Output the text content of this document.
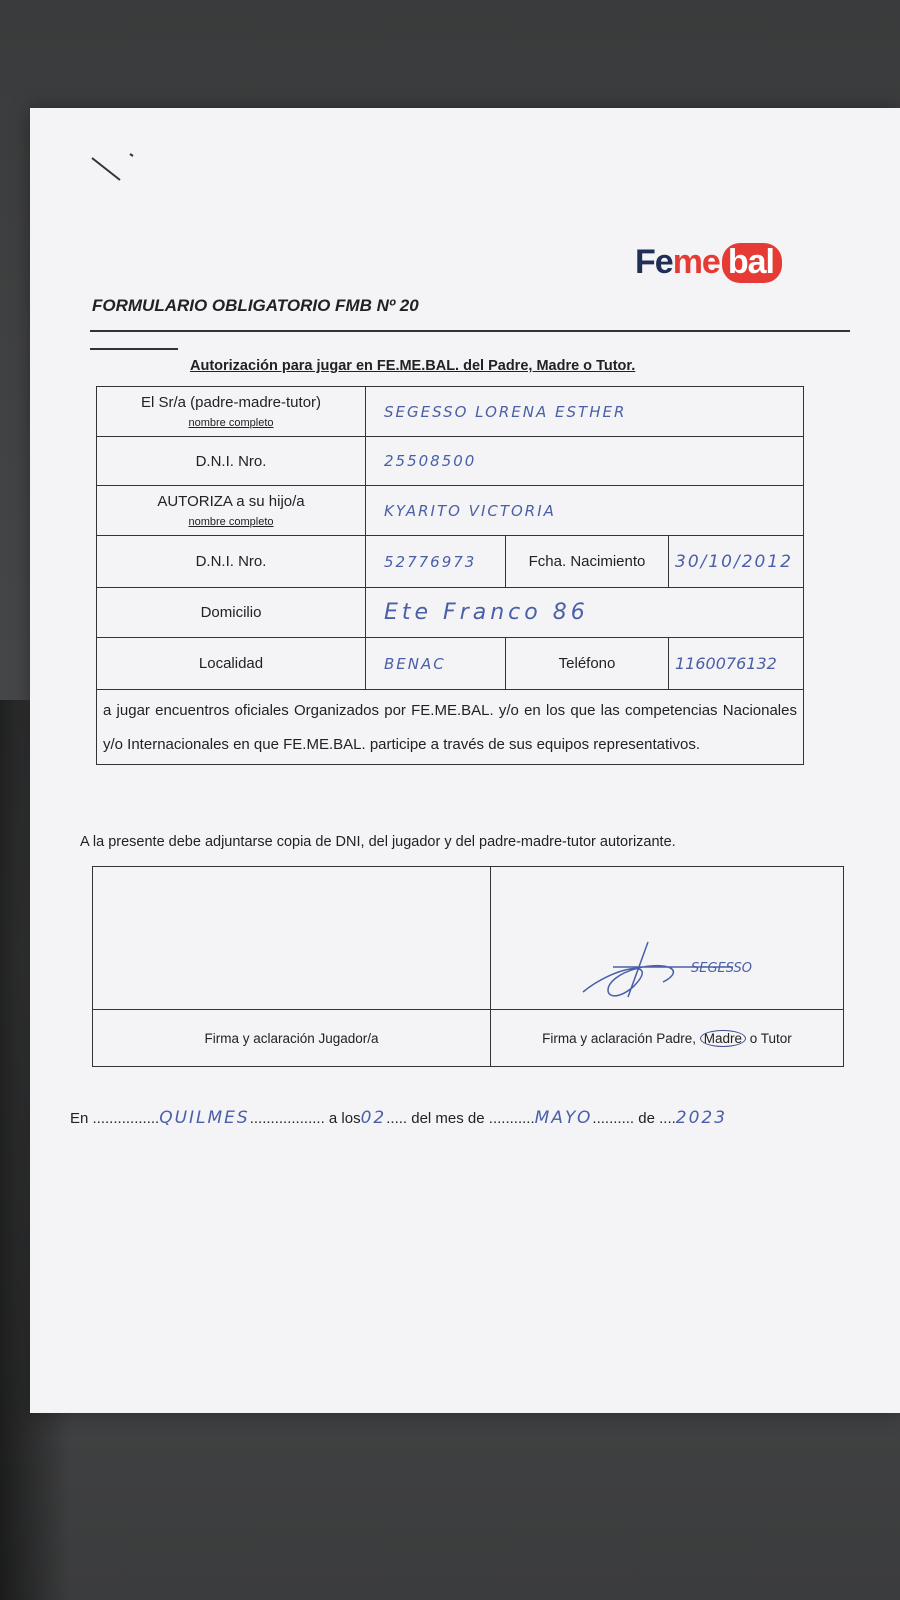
Feme bal
FORMULARIO OBLIGATORIO FMB Nº 20
Autorización para jugar en FE.ME.BAL. del Padre, Madre o Tutor.
El Sr/a (padre-madre-tutor)
nombre completo	SEGESSO LORENA ESTHER		
D.N.I. Nro.	25508500		
AUTORIZA a su hijo/a
nombre completo	KYARITO VICTORIA		
D.N.I. Nro.	52776973	Fcha. Nacimiento	30/10/2012
Domicilio	Ete Franco 86		
Localidad	BENAC	Teléfono	1160076132
a jugar encuentros oficiales Organizados por FE.ME.BAL. y/o en los que las competencias Nacionales y/o Internacionales en que FE.ME.BAL. participe a través de sus equipos representativos.			
A la presente debe adjuntarse copia de DNI, del jugador y del padre-madre-tutor autorizante.

SEGESSO

Firma y aclaración Jugador/a	Firma y aclaración Padre, Madre o Tutor
En ................QUILMES.................. a los02..... del mes de ...........MAYO.......... de ....2023
